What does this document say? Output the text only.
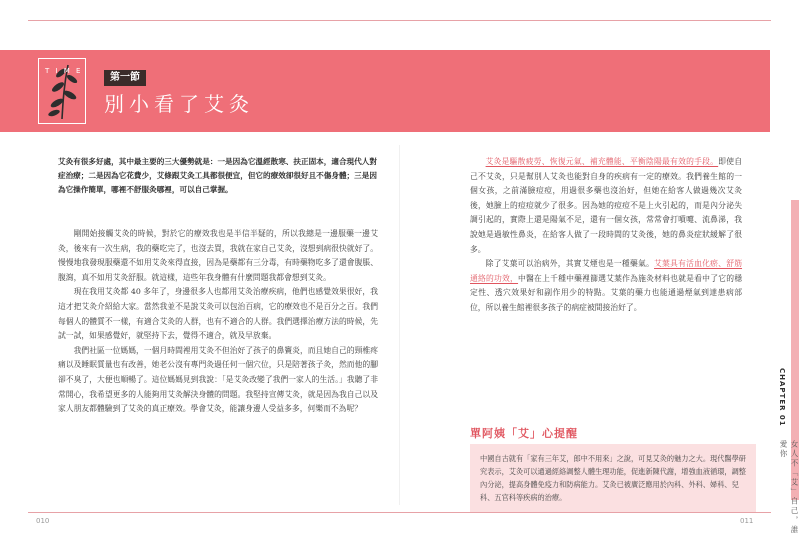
T I M E
第一節
別小看了艾灸
艾灸有很多好處，其中最主要的三大優勢就是：一是因為它溫經散寒、扶正固本，適合現代人對症治療；二是因為它花費少，艾條跟艾灸工具都很便宜，但它的療效卻很好且不傷身體；三是因為它操作簡單，哪裡不舒服灸哪裡，可以自己掌握。

剛開始接觸艾灸的時候，對於它的療效我也是半信半疑的，所以我總是一邊服藥一邊艾灸，後來有一次生病，我的藥吃完了，也沒去買，我就在家自己艾灸，沒想到病很快就好了。慢慢地我發現服藥還不如用艾灸來得直接，因為是藥都有三分毒，有時藥物吃多了還會腹脹、腹瀉，真不如用艾灸舒服。就這樣，這些年我身體有什麼問題我都會想到艾灸。

現在我用艾灸都 40 多年了，身邊很多人也都用艾灸治療疾病，他們也感覺效果很好，我這才把艾灸介紹給大家。當然我並不是說艾灸可以包治百病，它的療效也不是百分之百。我們每個人的體質不一樣，有適合艾灸的人群，也有不適合的人群。我們選擇治療方法的時候，先試一試，如果感覺好，就堅持下去，覺得不適合，就及早放棄。

我們社區一位媽媽，一個月時間裡用艾灸不但治好了孩子的鼻竇炎，而且她自己的頸椎疼痛以及睡眠質量也有改善，她老公沒有專門灸過任何一個穴位，只是陪著孩子灸，然而他的腳卻不臭了，大便也順暢了。這位媽媽見到我說：「是艾灸改變了我們一家人的生活。」我聽了非常開心，我希望更多的人能夠用艾灸解決身體的問題。我堅持宣傳艾灸，就是因為我自己以及家人朋友都體驗到了艾灸的真正療效。學會艾灸，能讓身邊人受益多多，何樂而不為呢？

艾灸是驅散疲勞、恢復元氣、補充體能、平衡陰陽最有效的手段。即使自己不艾灸，只是幫別人艾灸也能對自身的疾病有一定的療效。我們養生館的一個女孩，之前滿臉痘痘，用過很多藥也沒治好，但她在給客人做過幾次艾灸後，她臉上的痘痘就少了很多。因為她的痘痘不是上火引起的，而是內分泌失調引起的，實際上還是陽氣不足，還有一個女孩，常常會打噴嚏、流鼻涕，我說她是過敏性鼻炎，在給客人做了一段時間的艾灸後，她的鼻炎症狀緩解了很多。

除了艾葉可以治病外，其實艾煙也是一種藥氣。艾葉具有活血化瘀、舒筋通絡的功效，中醫在上千種中藥裡篩選艾葉作為施灸材料也就是看中了它的穩定性、透穴效果好和副作用少的特點。艾葉的藥力也能通過煙氣到達患病部位，所以養生館裡很多孩子的病症被間接治好了。

單阿姨「艾」心提醒
中國自古就有「家有三年艾，郎中不用來」之說，可見艾灸的魅力之大。現代醫學研究表示，艾灸可以通過經絡調整人體生理功能，促進新陳代謝，增強血液循環，調整內分泌，提高身體免疫力和防病能力。艾灸已被廣泛應用於內科、外科、婦科、兒科、五官科等疾病的治療。
CHAPTER 01
女人不「艾」自己，誰愛你
010	011
